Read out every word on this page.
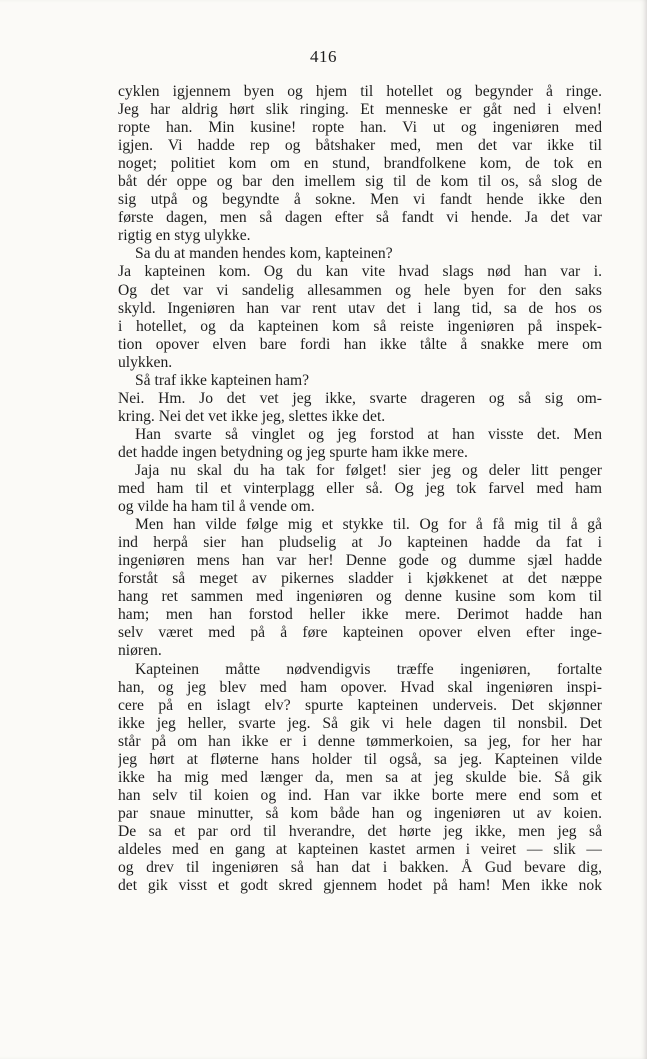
416
cyklen igjennem byen og hjem til hotellet og begynder å ringe.
Jeg har aldrig hørt slik ringing. Et menneske er gåt ned i elven!
ropte han. Min kusine! ropte han. Vi ut og ingeniøren med
igjen. Vi hadde rep og båtshaker med, men det var ikke til
noget; politiet kom om en stund, brandfolkene kom, de tok en
båt dér oppe og bar den imellem sig til de kom til os, så slog de
sig utpå og begyndte å sokne. Men vi fandt hende ikke den
første dagen, men så dagen efter så fandt vi hende. Ja det var
rigtig en styg ulykke.
Sa du at manden hendes kom, kapteinen?
Ja kapteinen kom. Og du kan vite hvad slags nød han var i.
Og det var vi sandelig allesammen og hele byen for den saks
skyld. Ingeniøren han var rent utav det i lang tid, sa de hos os
i hotellet, og da kapteinen kom så reiste ingeniøren på inspek-
tion opover elven bare fordi han ikke tålte å snakke mere om
ulykken.
Så traf ikke kapteinen ham?
Nei. Hm. Jo det vet jeg ikke, svarte drageren og så sig om-
kring. Nei det vet ikke jeg, slettes ikke det.
Han svarte så vinglet og jeg forstod at han visste det. Men
det hadde ingen betydning og jeg spurte ham ikke mere.
Jaja nu skal du ha tak for følget! sier jeg og deler litt penger
med ham til et vinterplagg eller så. Og jeg tok farvel med ham
og vilde ha ham til å vende om.
Men han vilde følge mig et stykke til. Og for å få mig til å gå
ind herpå sier han pludselig at Jo kapteinen hadde da fat i
ingeniøren mens han var her! Denne gode og dumme sjæl hadde
forståt så meget av pikernes sladder i kjøkkenet at det næppe
hang ret sammen med ingeniøren og denne kusine som kom til
ham; men han forstod heller ikke mere. Derimot hadde han
selv været med på å føre kapteinen opover elven efter inge-
niøren.
Kapteinen måtte nødvendigvis træffe ingeniøren, fortalte
han, og jeg blev med ham opover. Hvad skal ingeniøren inspi-
cere på en islagt elv? spurte kapteinen underveis. Det skjønner
ikke jeg heller, svarte jeg. Så gik vi hele dagen til nonsbil. Det
står på om han ikke er i denne tømmerkoien, sa jeg, for her har
jeg hørt at fløterne hans holder til også, sa jeg. Kapteinen vilde
ikke ha mig med længer da, men sa at jeg skulde bie. Så gik
han selv til koien og ind. Han var ikke borte mere end som et
par snaue minutter, så kom både han og ingeniøren ut av koien.
De sa et par ord til hverandre, det hørte jeg ikke, men jeg så
aldeles med en gang at kapteinen kastet armen i veiret — slik —
og drev til ingeniøren så han dat i bakken. Å Gud bevare dig,
det gik visst et godt skred gjennem hodet på ham! Men ikke nok
